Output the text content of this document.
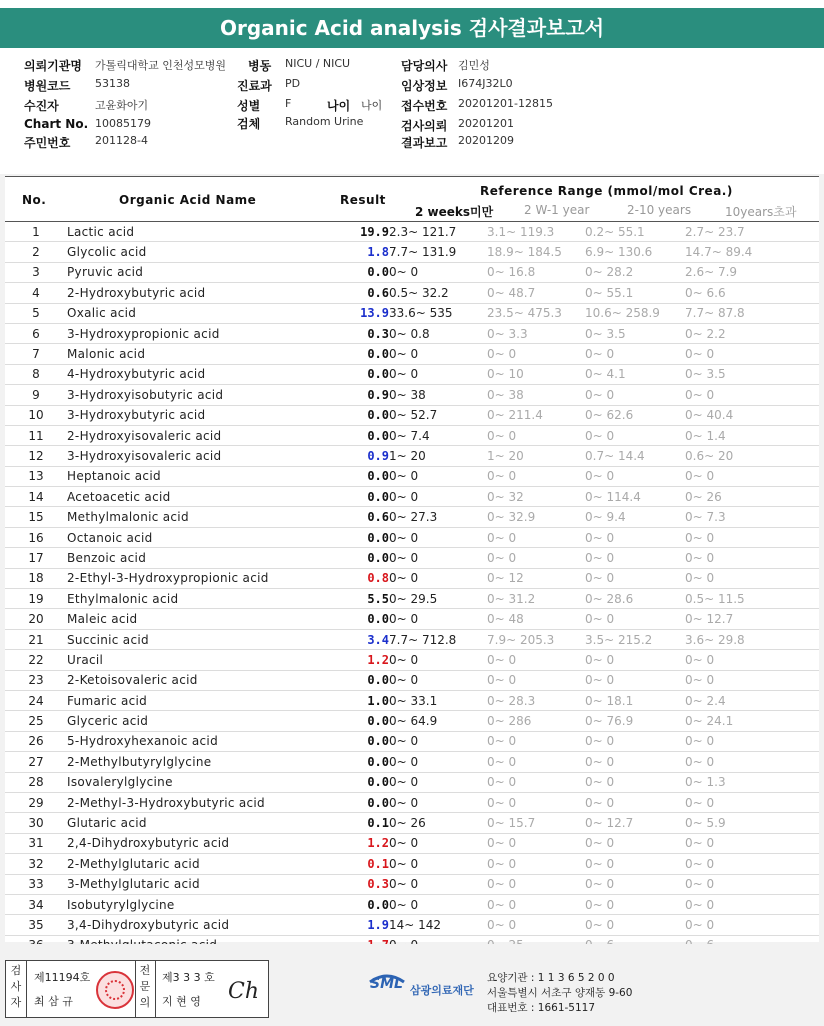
Organic Acid analysis 검사결과보고서
의뢰기관명 가톨릭대학교 인천성모병원 병동 NICU / NICU	담당의사 김민성
병원코드 53138	진료과 PD	임상정보 I674J32L0
수진자	고윤화아기	성별 F	나이 나이 접수번호 20201201-12815
Chart No. 10085179	검체 Random Urine	검사의뢰 20201201
주민번호 201128-4	결과보고 20201209
No.	Organic Acid Name	Result
Reference Range (mmol/mol Crea.)
2 weeks미만	2 W-1 year	2-10 years	10years초과
1	Lactic acid	19.9	2.3~ 121.7	3.1~ 119.3	0.2~ 55.1	2.7~ 23.7
2	Glycolic acid	1.8	7.7~ 131.9	18.9~ 184.5	6.9~ 130.6	14.7~ 89.4
3	Pyruvic acid	0.0	0~ 0	0~ 16.8	0~ 28.2	2.6~ 7.9
4	2-Hydroxybutyric acid	0.6	0.5~ 32.2	0~ 48.7	0~ 55.1	0~ 6.6
5	Oxalic acid	13.9	33.6~ 535	23.5~ 475.3	10.6~ 258.9	7.7~ 87.8
6	3-Hydroxypropionic acid	0.3	0~ 0.8	0~ 3.3	0~ 3.5	0~ 2.2
7	Malonic acid	0.0	0~ 0	0~ 0	0~ 0	0~ 0
8	4-Hydroxybutyric acid	0.0	0~ 0	0~ 10	0~ 4.1	0~ 3.5
9	3-Hydroxyisobutyric acid	0.9	0~ 38	0~ 38	0~ 0	0~ 0
10	3-Hydroxybutyric acid	0.0	0~ 52.7	0~ 211.4	0~ 62.6	0~ 40.4
11	2-Hydroxyisovaleric acid	0.0	0~ 7.4	0~ 0	0~ 0	0~ 1.4
12	3-Hydroxyisovaleric acid	0.9	1~ 20	1~ 20	0.7~ 14.4	0.6~ 20
13	Heptanoic acid	0.0	0~ 0	0~ 0	0~ 0	0~ 0
14	Acetoacetic acid	0.0	0~ 0	0~ 32	0~ 114.4	0~ 26
15	Methylmalonic acid	0.6	0~ 27.3	0~ 32.9	0~ 9.4	0~ 7.3
16	Octanoic acid	0.0	0~ 0	0~ 0	0~ 0	0~ 0
17	Benzoic acid	0.0	0~ 0	0~ 0	0~ 0	0~ 0
18	2-Ethyl-3-Hydroxypropionic acid	0.8	0~ 0	0~ 12	0~ 0	0~ 0
19	Ethylmalonic acid	5.5	0~ 29.5	0~ 31.2	0~ 28.6	0.5~ 11.5
20	Maleic acid	0.0	0~ 0	0~ 48	0~ 0	0~ 12.7
21	Succinic acid	3.4	7.7~ 712.8	7.9~ 205.3	3.5~ 215.2	3.6~ 29.8
22	Uracil	1.2	0~ 0	0~ 0	0~ 0	0~ 0
23	2-Ketoisovaleric acid	0.0	0~ 0	0~ 0	0~ 0	0~ 0
24	Fumaric acid	1.0	0~ 33.1	0~ 28.3	0~ 18.1	0~ 2.4
25	Glyceric acid	0.0	0~ 64.9	0~ 286	0~ 76.9	0~ 24.1
26	5-Hydroxyhexanoic acid	0.0	0~ 0	0~ 0	0~ 0	0~ 0
27	2-Methylbutyrylglycine	0.0	0~ 0	0~ 0	0~ 0	0~ 0
28	Isovalerylglycine	0.0	0~ 0	0~ 0	0~ 0	0~ 1.3
29	2-Methyl-3-Hydroxybutyric acid	0.0	0~ 0	0~ 0	0~ 0	0~ 0
30	Glutaric acid	0.1	0~ 26	0~ 15.7	0~ 12.7	0~ 5.9
31	2,4-Dihydroxybutyric acid	1.2	0~ 0	0~ 0	0~ 0	0~ 0
32	2-Methylglutaric acid	0.1	0~ 0	0~ 0	0~ 0	0~ 0
33	3-Methylglutaric acid	0.3	0~ 0	0~ 0	0~ 0	0~ 0
34	Isobutyrylglycine	0.0	0~ 0	0~ 0	0~ 0	0~ 0
35	3,4-Dihydroxybutyric acid	1.9	14~ 142	0~ 0	0~ 0	0~ 0

검
사
자
제11194호
최 삼 규
전
문
의
제3 3 3 호
지 현 영 Ch	SML 삼광의료재단
요양기관 : 1 1 3 6 5 2 0 0
서울특별시 서초구 양재동 9-60
대표번호 : 1661-5117
